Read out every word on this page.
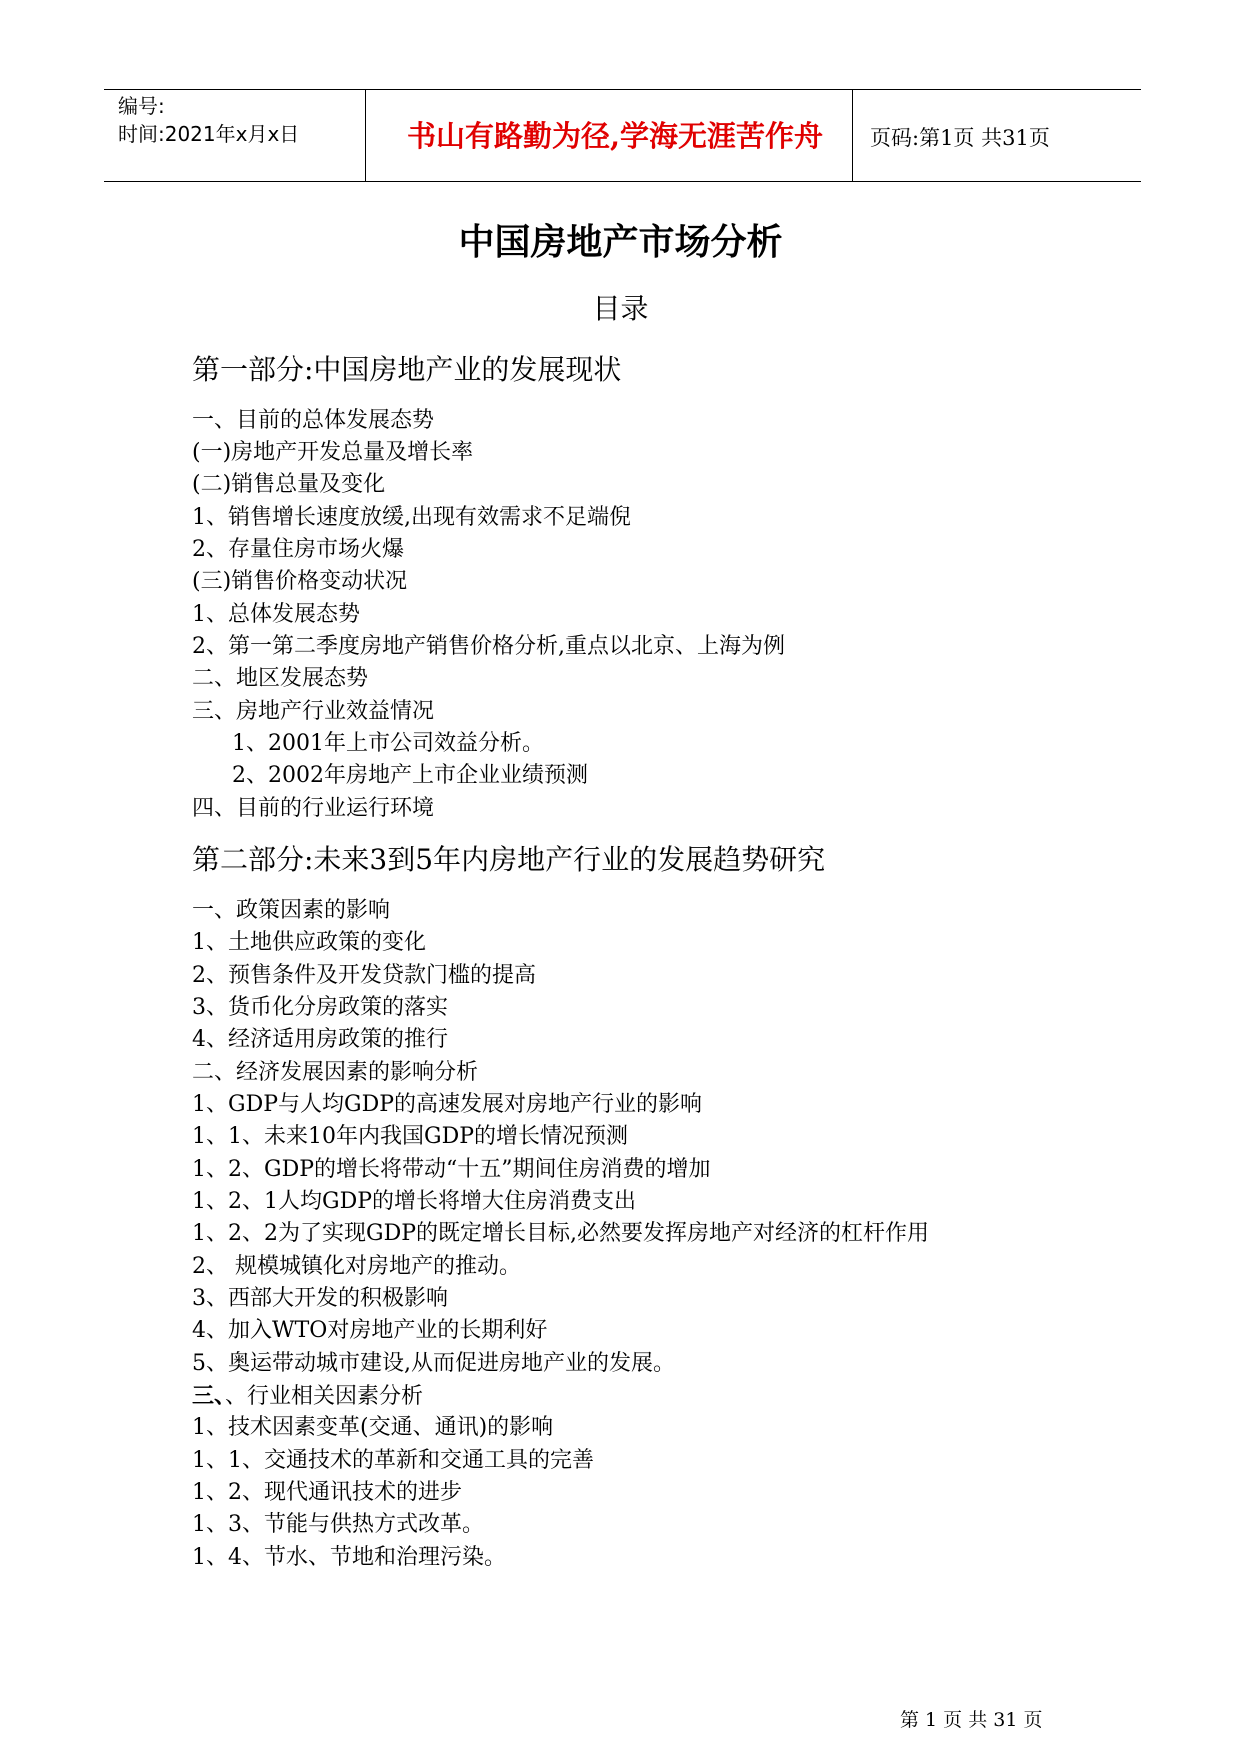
编号:
时间:2021年x月x日	书山有路勤为径,学海无涯苦作舟	页码:第1页 共31页
中国房地产市场分析
目录
第一部分:中国房地产业的发展现状
一、目前的总体发展态势
(一)房地产开发总量及增长率
(二)销售总量及变化
1、销售增长速度放缓,出现有效需求不足端倪
2、存量住房市场火爆
(三)销售价格变动状况
1、总体发展态势
2、第一第二季度房地产销售价格分析,重点以北京、上海为例
二、地区发展态势
三、房地产行业效益情况
1、2001年上市公司效益分析。
2、2002年房地产上市企业业绩预测
四、目前的行业运行环境
第二部分:未来3到5年内房地产行业的发展趋势研究
一、政策因素的影响
1、土地供应政策的变化
2、预售条件及开发贷款门槛的提高
3、货币化分房政策的落实
4、经济适用房政策的推行
二、经济发展因素的影响分析
1、GDP与人均GDP的高速发展对房地产行业的影响
1、1、未来10年内我国GDP的增长情况预测
1、2、GDP的增长将带动“十五”期间住房消费的增加
1、2、1人均GDP的增长将增大住房消费支出
1、2、2为了实现GDP的既定增长目标,必然要发挥房地产对经济的杠杆作用
2、 规模城镇化对房地产的推动。
3、西部大开发的积极影响
4、加入WTO对房地产业的长期利好
5、奥运带动城市建设,从而促进房地产业的发展。
三、、行业相关因素分析
1、技术因素变革(交通、通讯)的影响
1、1、交通技术的革新和交通工具的完善
1、2、现代通讯技术的进步
1、3、节能与供热方式改革。
1、4、节水、节地和治理污染。
第 1 页 共 31 页
